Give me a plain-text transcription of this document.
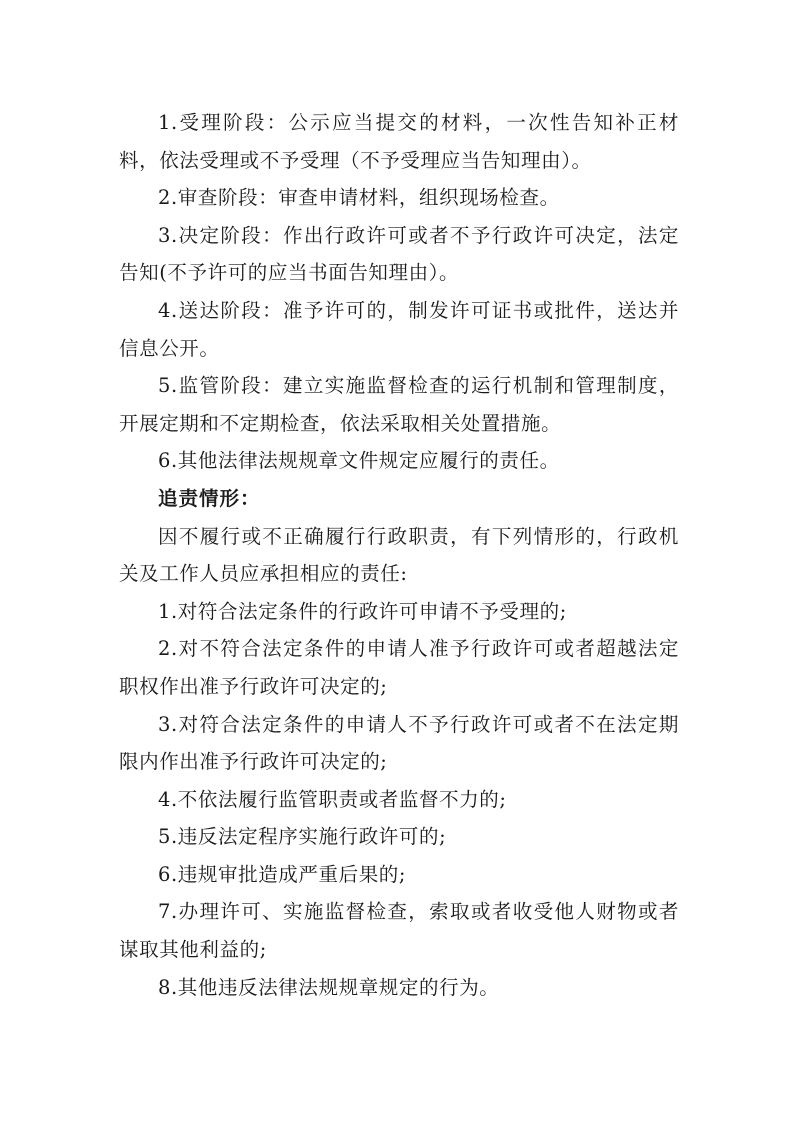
1.受理阶段：公示应当提交的材料，一次性告知补正材料，依法受理或不予受理（不予受理应当告知理由）。

2.审查阶段：审查申请材料，组织现场检查。

3.决定阶段：作出行政许可或者不予行政许可决定，法定告知(不予许可的应当书面告知理由）。

4.送达阶段：准予许可的，制发许可证书或批件，送达并信息公开。

5.监管阶段：建立实施监督检查的运行机制和管理制度，开展定期和不定期检查，依法采取相关处置措施。

6.其他法律法规规章文件规定应履行的责任。

追责情形：

因不履行或不正确履行行政职责，有下列情形的，行政机关及工作人员应承担相应的责任:

1.对符合法定条件的行政许可申请不予受理的;

2.对不符合法定条件的申请人准予行政许可或者超越法定职权作出准予行政许可决定的;

3.对符合法定条件的申请人不予行政许可或者不在法定期限内作出准予行政许可决定的;

4.不依法履行监管职责或者监督不力的;

5.违反法定程序实施行政许可的;

6.违规审批造成严重后果的;

7.办理许可、实施监督检查，索取或者收受他人财物或者谋取其他利益的;

8.其他违反法律法规规章规定的行为。
